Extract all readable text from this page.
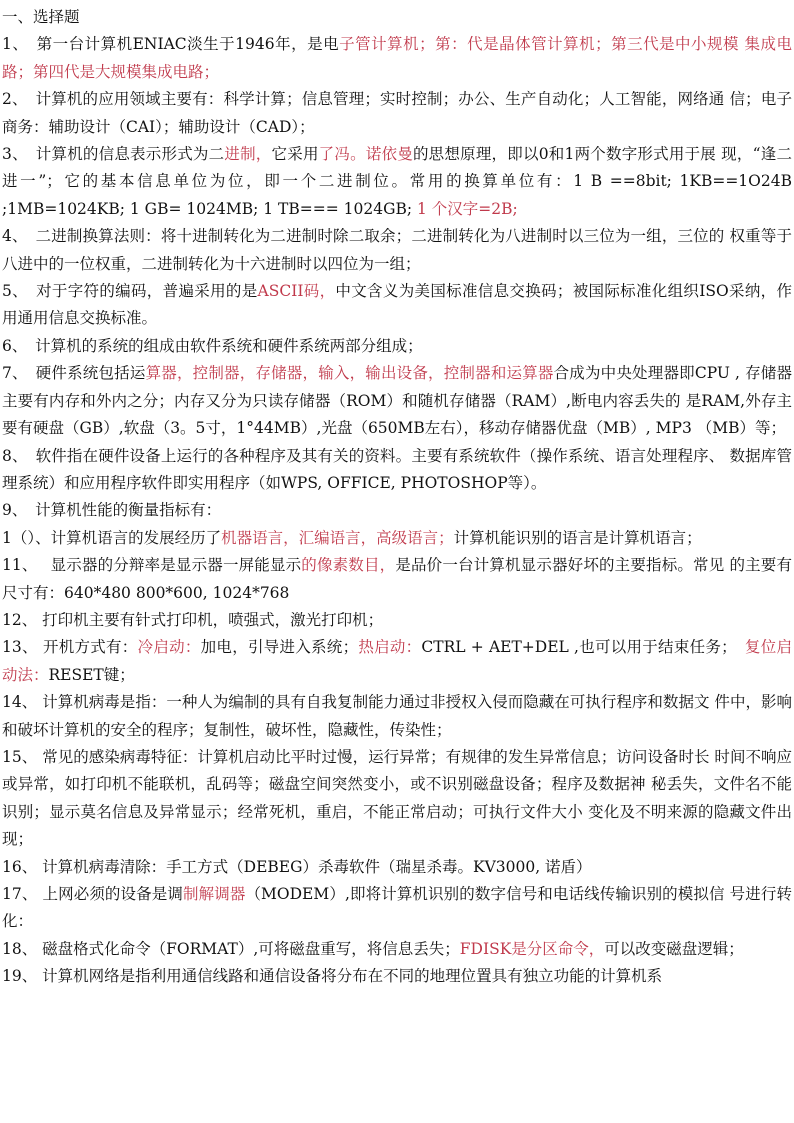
一、选择题
1、　第一台计算机ENIAC淡生于1946年，是电子管计算机；第：代是晶体管计算机；第三代是中小规模 集成电路；第四代是大规模集成电路；
2、　计算机的应用领域主要有：科学计算；信息管理；实时控制；办公、生产自动化；人工智能，网络通 信；电子商务：辅助设计（CAI）；辅助设计（CAD）；
3、　计算机的信息表示形式为二进制，它采用了冯。诺依曼的思想原理，即以0和1两个数字形式用于展 现，“逢二进一”；它的基本信息单位为位，即一个二进制位。常用的换算单位有：1 B ==8bit; 1KB==1O24B ;1MB=1024KB; 1 GB= 1024MB; 1 TB=== 1024GB; 1 个汉字=2B;
4、　二进制换算法则：将十进制转化为二进制时除二取余；二进制转化为八进制时以三位为一组，三位的 权重等于八进中的一位权重，二进制转化为十六进制时以四位为一组；
5、　对于字符的编码，普遍采用的是ASCII码，中文含义为美国标准信息交换码；被国际标准化组织ISO采纳，作用通用信息交换标准。
6、　计算机的系统的组成由软件系统和硬件系统两部分组成；
7、　硬件系统包括运算器，控制器，存储器，输入，输出设备，控制器和运算器合成为中央处理器即CPU , 存储器主要有内存和外内之分；内存又分为只读存储器（ROM）和随机存储器（RAM）,断电内容丢失的 是RAM,外存主要有硬盘（GB）,软盘（3。5寸，1°44MB）,光盘（650MB左右），移动存储器优盘（MB）, MP3 （MB）等；
8、　软件指在硬件设备上运行的各种程序及其有关的资料。主要有系统软件（操作系统、语言处理程序、 数据库管理系统）和应用程序软件即实用程序（如WPS, OFFICE, PHOTOSHOP等）。
9、　计算机性能的衡量指标有：
1（）、计算机语言的发展经历了机器语言，汇编语言，高级语言；计算机能识别的语言是计算机语言；
11、　 显示器的分辩率是显示器一屏能显示的像素数目，是品价一台计算机显示器好坏的主要指标。常见 的主要有尺寸有：640*480 800*600, 1024*768
12、 打印机主要有针式打印机，喷强式，激光打印机；
13、 开机方式有：冷启动：加电，引导进入系统；热启动：CTRL + AET+DEL ,也可以用于结束任务；　复位启动法：RESET键；
14、 计算机病毒是指：一种人为编制的具有自我复制能力通过非授权入侵而隐藏在可执行程序和数据文 件中，影响和破坏计算机的安全的程序；复制性，破坏性，隐藏性，传染性；
15、 常见的感染病毒特征：计算机启动比平时过慢，运行异常；有规律的发生异常信息；访问设备时长 时间不响应或异常，如打印机不能联机，乱码等；磁盘空间突然变小，或不识别磁盘设备；程序及数据神 秘丢失，文件名不能识别；显示莫名信息及异常显示；经常死机，重启，不能正常启动；可执行文件大小 变化及不明来源的隐藏文件出现；
16、 计算机病毒清除：手工方式（DEBEG）杀毒软件（瑞星杀毒。KV3000, 诺盾）
17、 上网必须的设备是调制解调器（MODEM）,即将计算机识别的数字信号和电话线传输识别的模拟信 号进行转化：
18、 磁盘格式化命令（FORMAT）,可将磁盘重写，将信息丢失；FDISK是分区命令，可以改变磁盘逻辑；
19、 计算机网络是指利用通信线路和通信设备将分布在不同的地理位置具有独立功能的计算机系
